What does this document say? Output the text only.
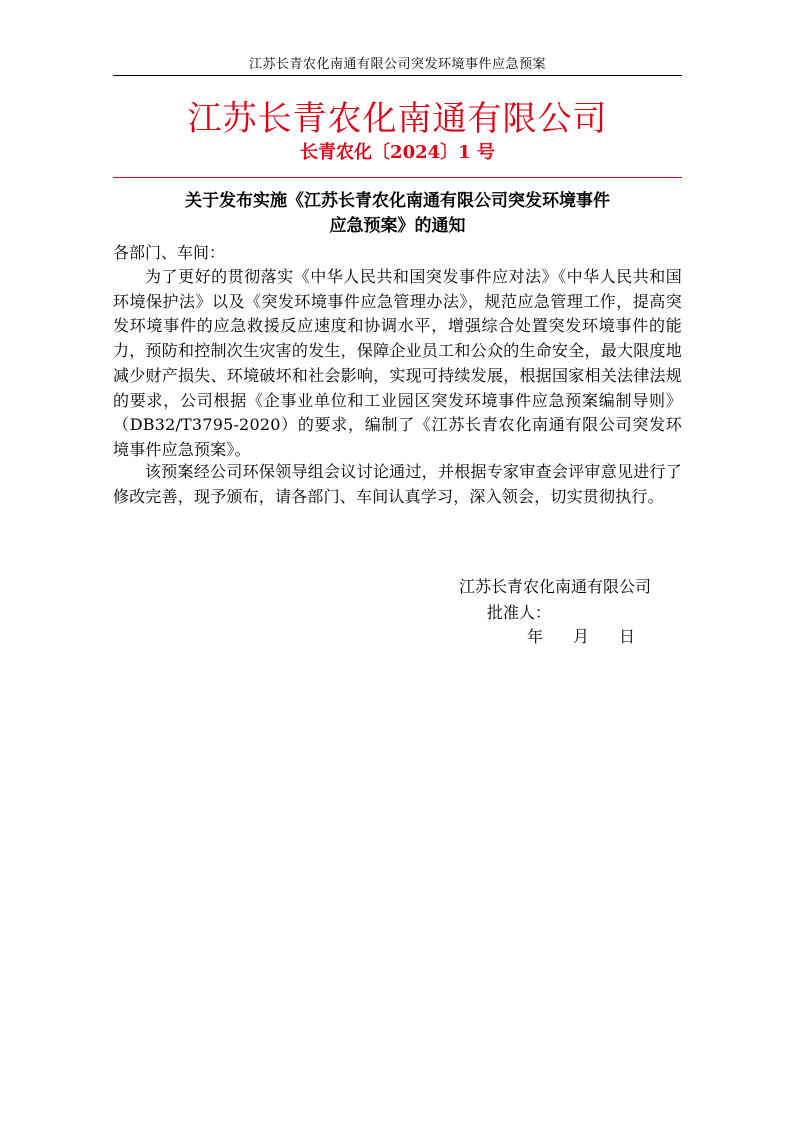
江苏长青农化南通有限公司突发环境事件应急预案
江苏长青农化南通有限公司
长青农化〔2024〕1 号
关于发布实施《江苏长青农化南通有限公司突发环境事件
应急预案》的通知
各部门、车间：

为了更好的贯彻落实《中华人民共和国突发事件应对法》《中华人民共和国环境保护法》以及《突发环境事件应急管理办法》，规范应急管理工作，提高突发环境事件的应急救援反应速度和协调水平，增强综合处置突发环境事件的能力，预防和控制次生灾害的发生，保障企业员工和公众的生命安全，最大限度地减少财产损失、环境破坏和社会影响，实现可持续发展，根据国家相关法律法规的要求，公司根据《企事业单位和工业园区突发环境事件应急预案编制导则》（DB32/T3795-2020）的要求，编制了《江苏长青农化南通有限公司突发环境事件应急预案》。

该预案经公司环保领导组会议讨论通过，并根据专家审查会评审意见进行了修改完善，现予颁布，请各部门、车间认真学习，深入领会，切实贯彻执行。

江苏长青农化南通有限公司
批准人：
年 月 日
